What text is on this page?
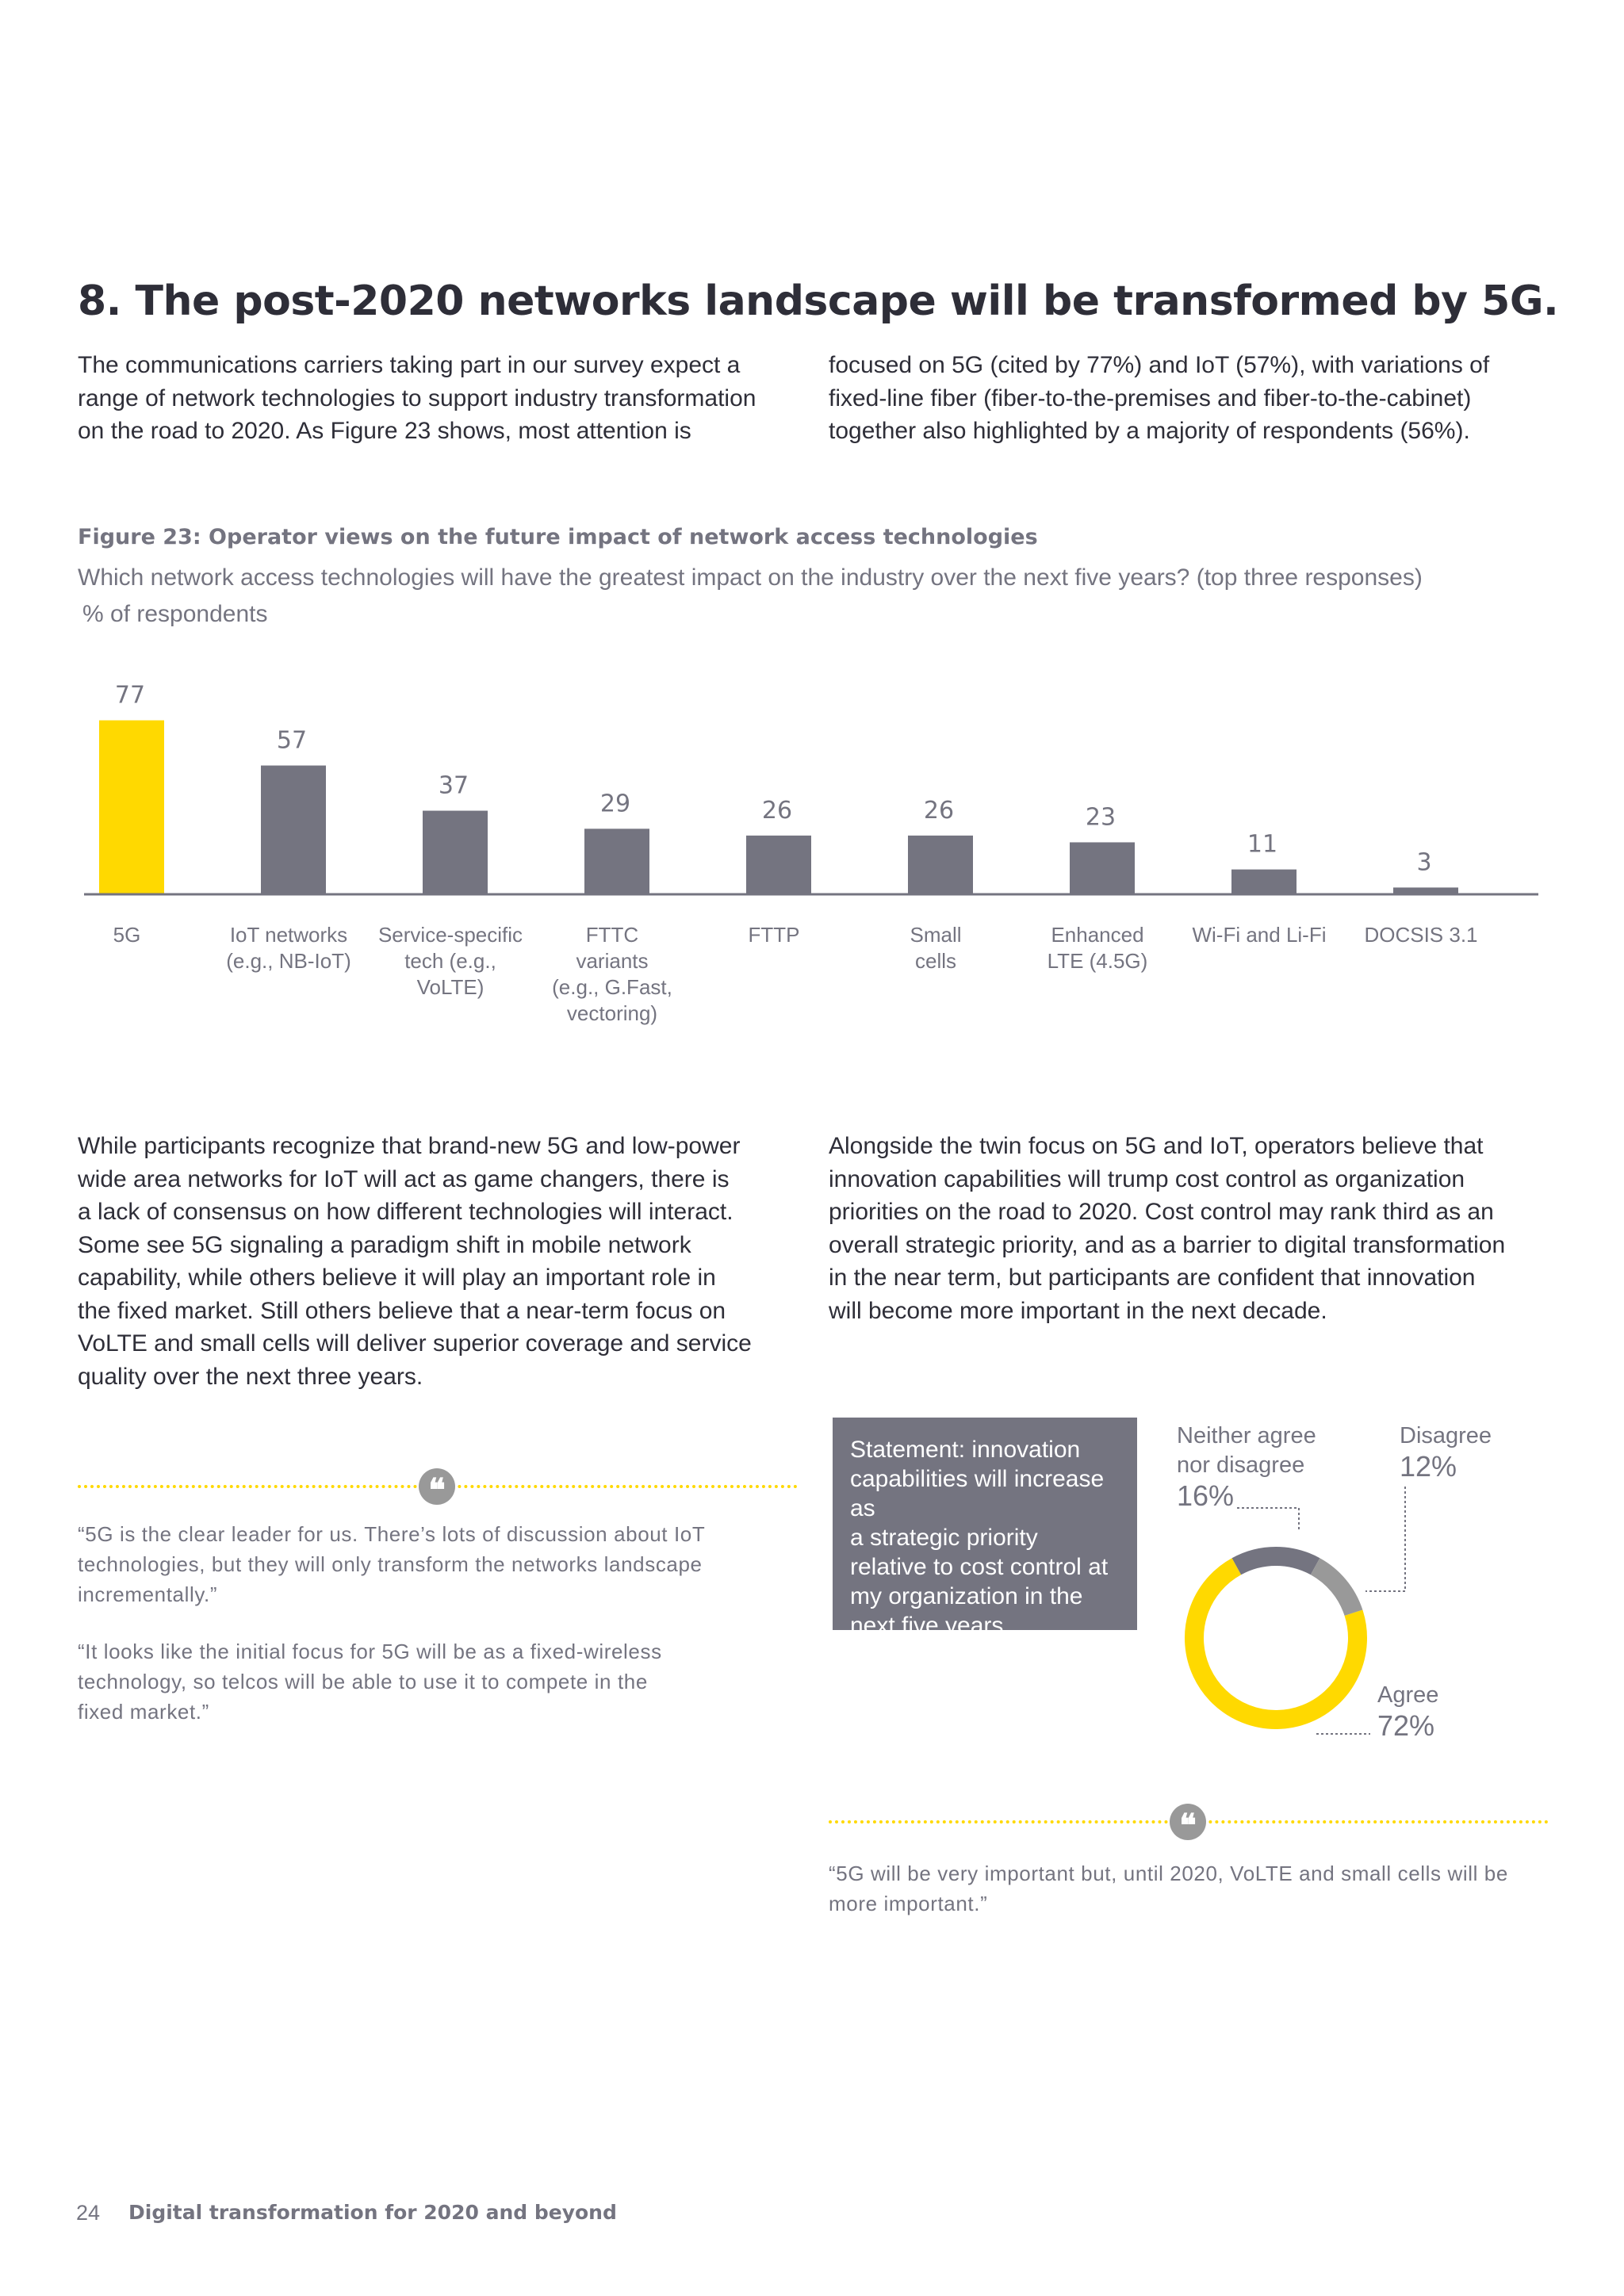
8. The post-2020 networks landscape will be transformed by 5G.

The communications carriers taking part in our survey expect a

range of network technologies to support industry transformation

on the road to 2020. As Figure 23 shows, most attention is

focused on 5G (cited by 77%) and IoT (57%), with variations of

fixed-line fiber (fiber-to-the-premises and fiber-to-the-cabinet)

together also highlighted by a majority of respondents (56%).

Figure 23: Operator views on the future impact of network access technologies

Which network access technologies will have the greatest impact on the industry over the next five years? (top three responses)

% of respondents

77
5G
57
IoT networks (e.g., NB-IoT)
37
Service-specific tech (e.g., VoLTE)
29
FTTC variants (e.g., G.Fast, vectoring)
26
FTTP
26
Small cells
23
Enhanced LTE (4.5G)
11
Wi-Fi and Li-Fi
3
DOCSIS 3.1

While participants recognize that brand-new 5G and low-power

wide area networks for IoT will act as game changers, there is

a lack of consensus on how different technologies will interact.

Some see 5G signaling a paradigm shift in mobile network

capability, while others believe it will play an important role in

the fixed market. Still others believe that a near-term focus on

VoLTE and small cells will deliver superior coverage and service

quality over the next three years.

Alongside the twin focus on 5G and IoT, operators believe that

innovation capabilities will trump cost control as organization

priorities on the road to 2020. Cost control may rank third as an

overall strategic priority, and as a barrier to digital transformation

in the near term, but participants are confident that innovation

will become more important in the next decade.

❝

“5G is the clear leader for us. There’s lots of discussion about IoT

technologies, but they will only transform the networks landscape

incrementally.”

“It looks like the initial focus for 5G will be as a fixed-wireless

technology, so telcos will be able to use it to compete in the

fixed market.”

Statement: innovation

capabilities will increase as

a strategic priority

relative to cost control at

my organization in the

next five years.

Neither agree

nor disagree

16%

Disagree

12%

Agree

72%

❝

“5G will be very important but, until 2020, VoLTE and small cells will be

more important.”

24 Digital transformation for 2020 and beyond
